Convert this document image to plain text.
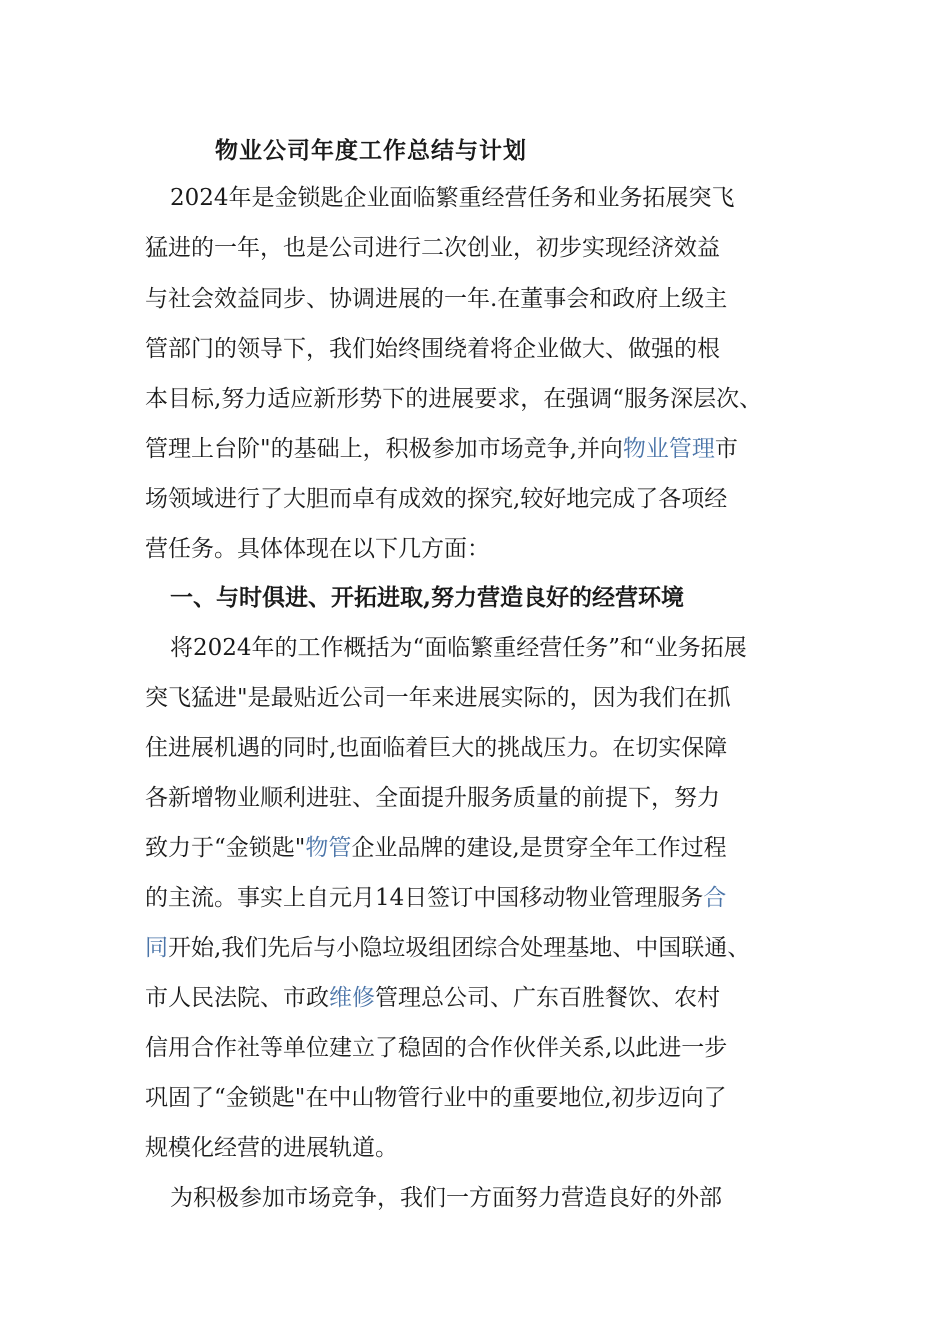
物业公司年度工作总结与计划
2024年是金锁匙企业面临繁重经营任务和业务拓展突飞
猛进的一年，也是公司进行二次创业，初步实现经济效益
与社会效益同步、协调进展的一年.在董事会和政府上级主
管部门的领导下，我们始终围绕着将企业做大、做强的根
本目标,努力适应新形势下的进展要求，在强调“服务深层次、
管理上台阶"的基础上，积极参加市场竞争,并向物业管理市
场领域进行了大胆而卓有成效的探究,较好地完成了各项经
营任务。具体体现在以下几方面：
一、与时俱进、开拓进取,努力营造良好的经营环境
将2024年的工作概括为“面临繁重经营任务”和“业务拓展
突飞猛进"是最贴近公司一年来进展实际的，因为我们在抓
住进展机遇的同时,也面临着巨大的挑战压力。在切实保障
各新增物业顺利进驻、全面提升服务质量的前提下，努力
致力于“金锁匙"物管企业品牌的建设,是贯穿全年工作过程
的主流。事实上自元月14日签订中国移动物业管理服务合
同开始,我们先后与小隐垃圾组团综合处理基地、中国联通、
市人民法院、市政维修管理总公司、广东百胜餐饮、农村
信用合作社等单位建立了稳固的合作伙伴关系,以此进一步
巩固了“金锁匙"在中山物管行业中的重要地位,初步迈向了
规模化经营的进展轨道。
为积极参加市场竞争，我们一方面努力营造良好的外部
